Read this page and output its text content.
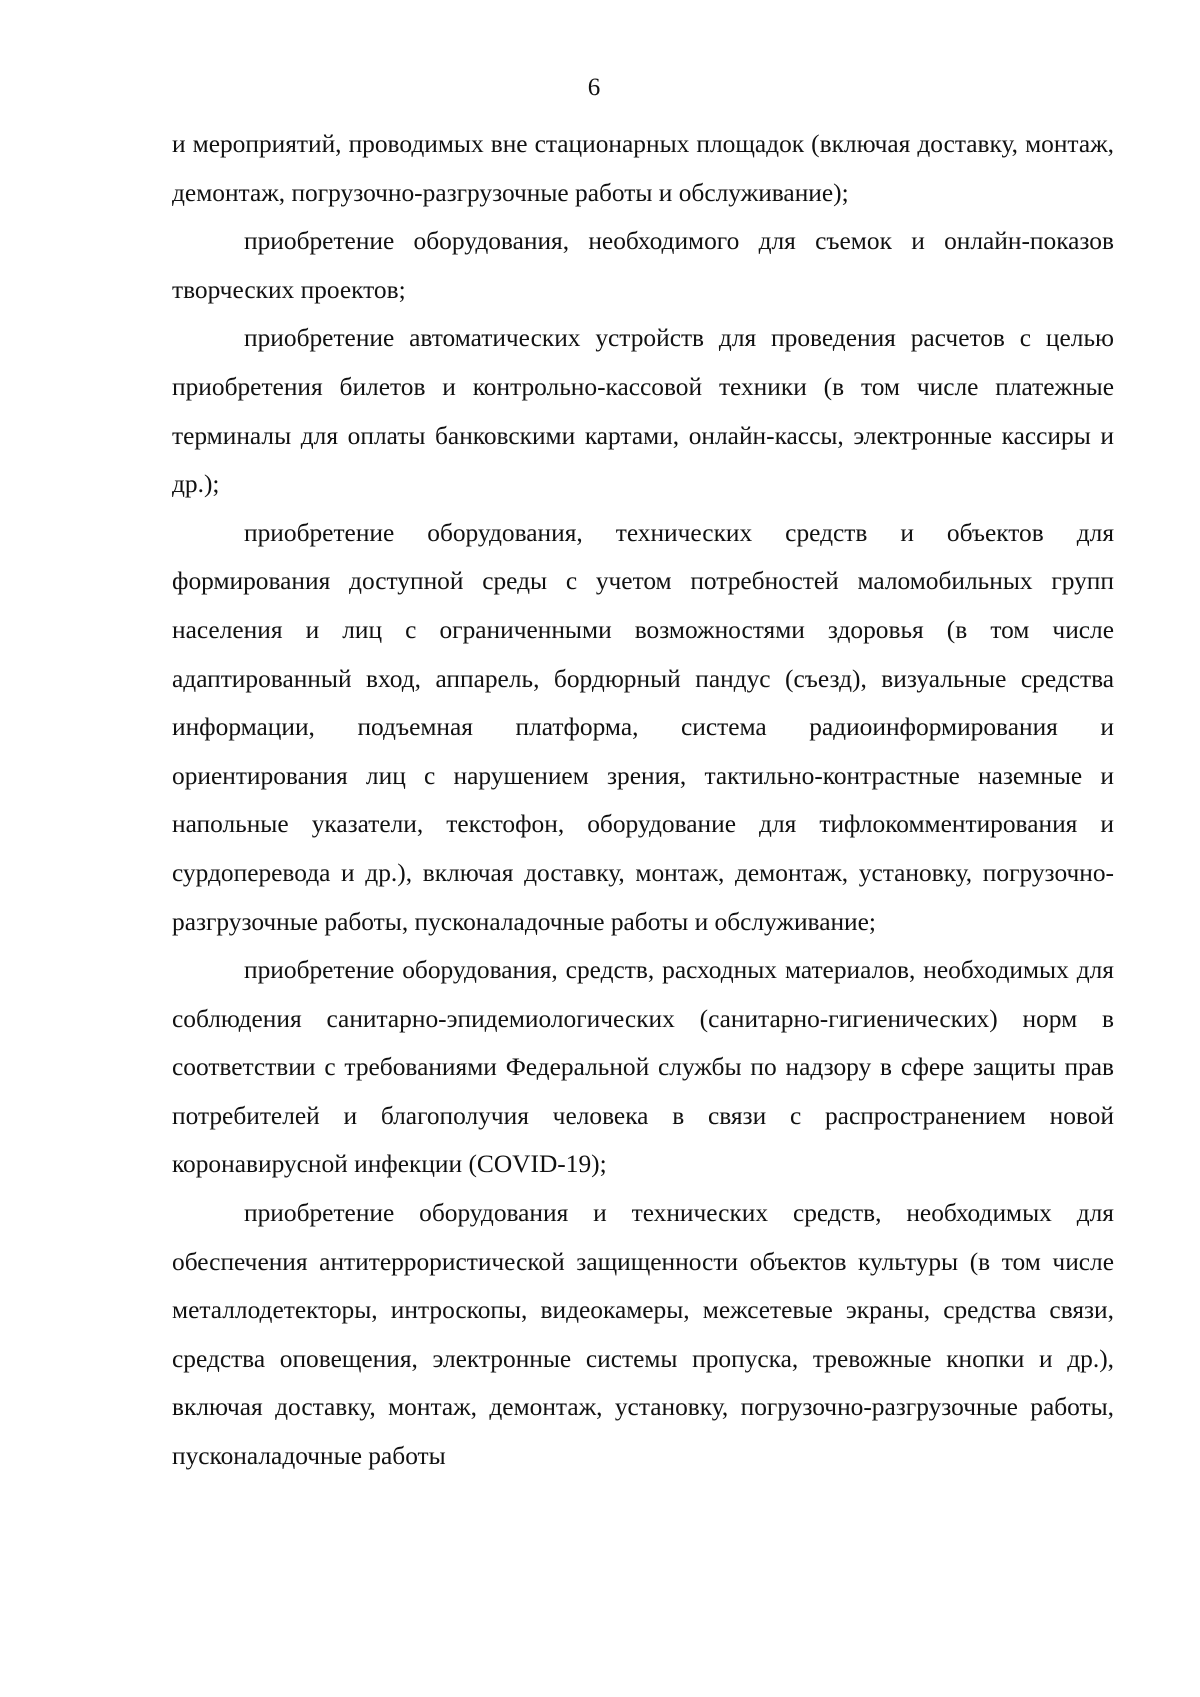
6

и мероприятий, проводимых вне стационарных площадок (включая доставку, монтаж, демонтаж, погрузочно-разгрузочные работы и обслуживание);

приобретение оборудования, необходимого для съемок и онлайн-показов творческих проектов;

приобретение автоматических устройств для проведения расчетов с целью приобретения билетов и контрольно-кассовой техники (в том числе платежные терминалы для оплаты банковскими картами, онлайн-кассы, электронные кассиры и др.);

приобретение оборудования, технических средств и объектов для формирования доступной среды с учетом потребностей маломобильных групп населения и лиц с ограниченными возможностями здоровья (в том числе адаптированный вход, аппарель, бордюрный пандус (съезд), визуальные средства информации, подъемная платформа, система радиоинформирования и ориентирования лиц с нарушением зрения, тактильно-контрастные наземные и напольные указатели, текстофон, оборудование для тифлокомментирования и сурдоперевода и др.), включая доставку, монтаж, демонтаж, установку, погрузочно-разгрузочные работы, пусконаладочные работы и обслуживание;

приобретение оборудования, средств, расходных материалов, необходимых для соблюдения санитарно-эпидемиологических (санитарно-гигиенических) норм в соответствии с требованиями Федеральной службы по надзору в сфере защиты прав потребителей и благополучия человека в связи с распространением новой коронавирусной инфекции (COVID-19);

приобретение оборудования и технических средств, необходимых для обеспечения антитеррористической защищенности объектов культуры (в том числе металлодетекторы, интроскопы, видеокамеры, межсетевые экраны, средства связи, средства оповещения, электронные системы пропуска, тревожные кнопки и др.), включая доставку, монтаж, демонтаж, установку, погрузочно-разгрузочные работы, пусконаладочные работы
